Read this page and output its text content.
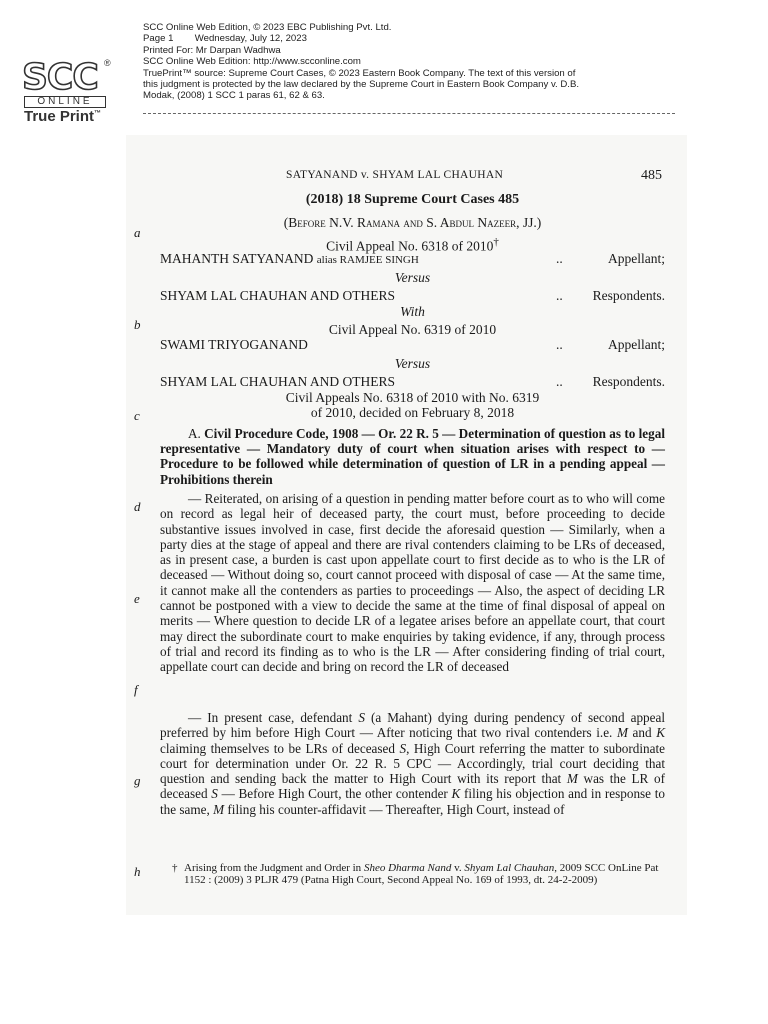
SCC ®
ONLINE
True Print™
SCC Online Web Edition, © 2023 EBC Publishing Pvt. Ltd.
Page 1        Wednesday, July 12, 2023
Printed For: Mr Darpan Wadhwa
SCC Online Web Edition: http://www.scconline.com
TruePrint™ source: Supreme Court Cases, © 2023 Eastern Book Company. The text of this version of
this judgment is protected by the law declared by the Supreme Court in Eastern Book Company v. D.B.
Modak, (2008) 1 SCC 1 paras 61, 62 & 63.
SATYANAND v. SHYAM LAL CHAUHAN	485
(2018) 18 Supreme Court Cases 485
(Before N.V. Ramana and S. Abdul Nazeer, JJ.)
a
b
c
d
e
f
g
h
Civil Appeal No. 6318 of 2010†
MAHANTH SATYANAND alias RAMJEE SINGH	..	Appellant;
Versus
SHYAM LAL CHAUHAN AND OTHERS	.. Respondents.
With
Civil Appeal No. 6319 of 2010
SWAMI TRIYOGANAND	..	Appellant;
Versus
SHYAM LAL CHAUHAN AND OTHERS	.. Respondents.
Civil Appeals No. 6318 of 2010 with No. 6319
of 2010, decided on February 8, 2018
A. Civil Procedure Code, 1908 — Or. 22 R. 5 — Determination of question as to legal representative — Mandatory duty of court when situation arises with respect to — Procedure to be followed while determination of question of LR in a pending appeal — Prohibitions therein

— Reiterated, on arising of a question in pending matter before court as to who will come on record as legal heir of deceased party, the court must, before proceeding to decide substantive issues involved in case, first decide the aforesaid question — Similarly, when a party dies at the stage of appeal and there are rival contenders claiming to be LRs of deceased, as in present case, a burden is cast upon appellate court to first decide as to who is the LR of deceased — Without doing so, court cannot proceed with disposal of case — At the same time, it cannot make all the contenders as parties to proceedings — Also, the aspect of deciding LR cannot be postponed with a view to decide the same at the time of final disposal of appeal on merits — Where question to decide LR of a legatee arises before an appellate court, that court may direct the subordinate court to make enquiries by taking evidence, if any, through process of trial and record its finding as to who is the LR — After considering finding of trial court, appellate court can decide and bring on record the LR of deceased

— In present case, defendant S (a Mahant) dying during pendency of second appeal preferred by him before High Court — After noticing that two rival contenders i.e. M and K claiming themselves to be LRs of deceased S, High Court referring the matter to subordinate court for determination under Or. 22 R. 5 CPC — Accordingly, trial court deciding that question and sending back the matter to High Court with its report that M was the LR of deceased S — Before High Court, the other contender K filing his objection and in response to the same, M filing his counter-affidavit — Thereafter, High Court, instead of

† Arising from the Judgment and Order in Sheo Dharma Nand v. Shyam Lal Chauhan, 2009 SCC OnLine Pat 1152 : (2009) 3 PLJR 479 (Patna High Court, Second Appeal No. 169 of 1993, dt. 24-2-2009)
